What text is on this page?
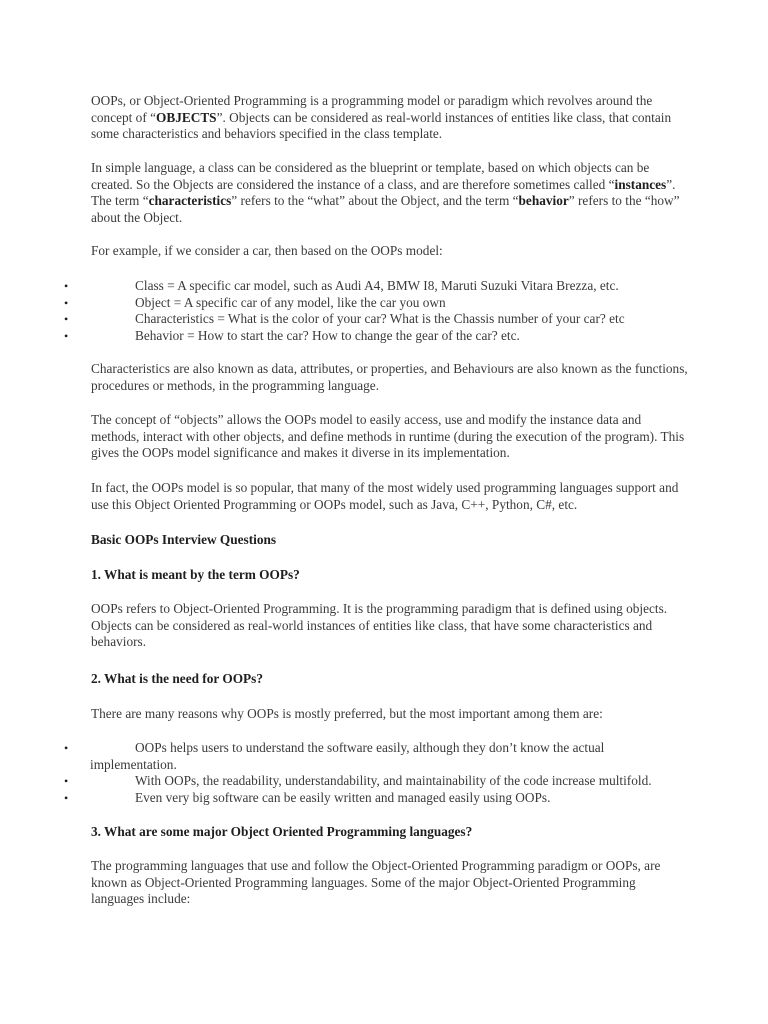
OOPs, or Object-Oriented Programming is a programming model or paradigm which revolves around the concept of “OBJECTS”. Objects can be considered as real-world instances of entities like class, that contain some characteristics and behaviors specified in the class template.

In simple language, a class can be considered as the blueprint or template, based on which objects can be created. So the Objects are considered the instance of a class, and are therefore sometimes called “instances”. The term “characteristics” refers to the “what” about the Object, and the term “behavior” refers to the “how” about the Object.

For example, if we consider a car, then based on the OOPs model:

•	Class = A specific car model, such as Audi A4, BMW I8, Maruti Suzuki Vitara Brezza, etc.
•	Object = A specific car of any model, like the car you own
•	Characteristics = What is the color of your car? What is the Chassis number of your car? etc
•	Behavior = How to start the car? How to change the gear of the car? etc.

Characteristics are also known as data, attributes, or properties, and Behaviours are also known as the functions, procedures or methods, in the programming language.

The concept of “objects” allows the OOPs model to easily access, use and modify the instance data and methods, interact with other objects, and define methods in runtime (during the execution of the program). This gives the OOPs model significance and makes it diverse in its implementation.

In fact, the OOPs model is so popular, that many of the most widely used programming languages support and use this Object Oriented Programming or OOPs model, such as Java, C++, Python, C#, etc.

Basic OOPs Interview Questions
1. What is meant by the term OOPs?

OOPs refers to Object-Oriented Programming. It is the programming paradigm that is defined using objects. Objects can be considered as real-world instances of entities like class, that have some characteristics and behaviors.

2. What is the need for OOPs?

There are many reasons why OOPs is mostly preferred, but the most important among them are:

•	OOPs helps users to understand the software easily, although they don’t know the actual implementation.
•	With OOPs, the readability, understandability, and maintainability of the code increase multifold.
•	Even very big software can be easily written and managed easily using OOPs.
3. What are some major Object Oriented Programming languages?

The programming languages that use and follow the Object-Oriented Programming paradigm or OOPs, are known as Object-Oriented Programming languages. Some of the major Object-Oriented Programming languages include:
